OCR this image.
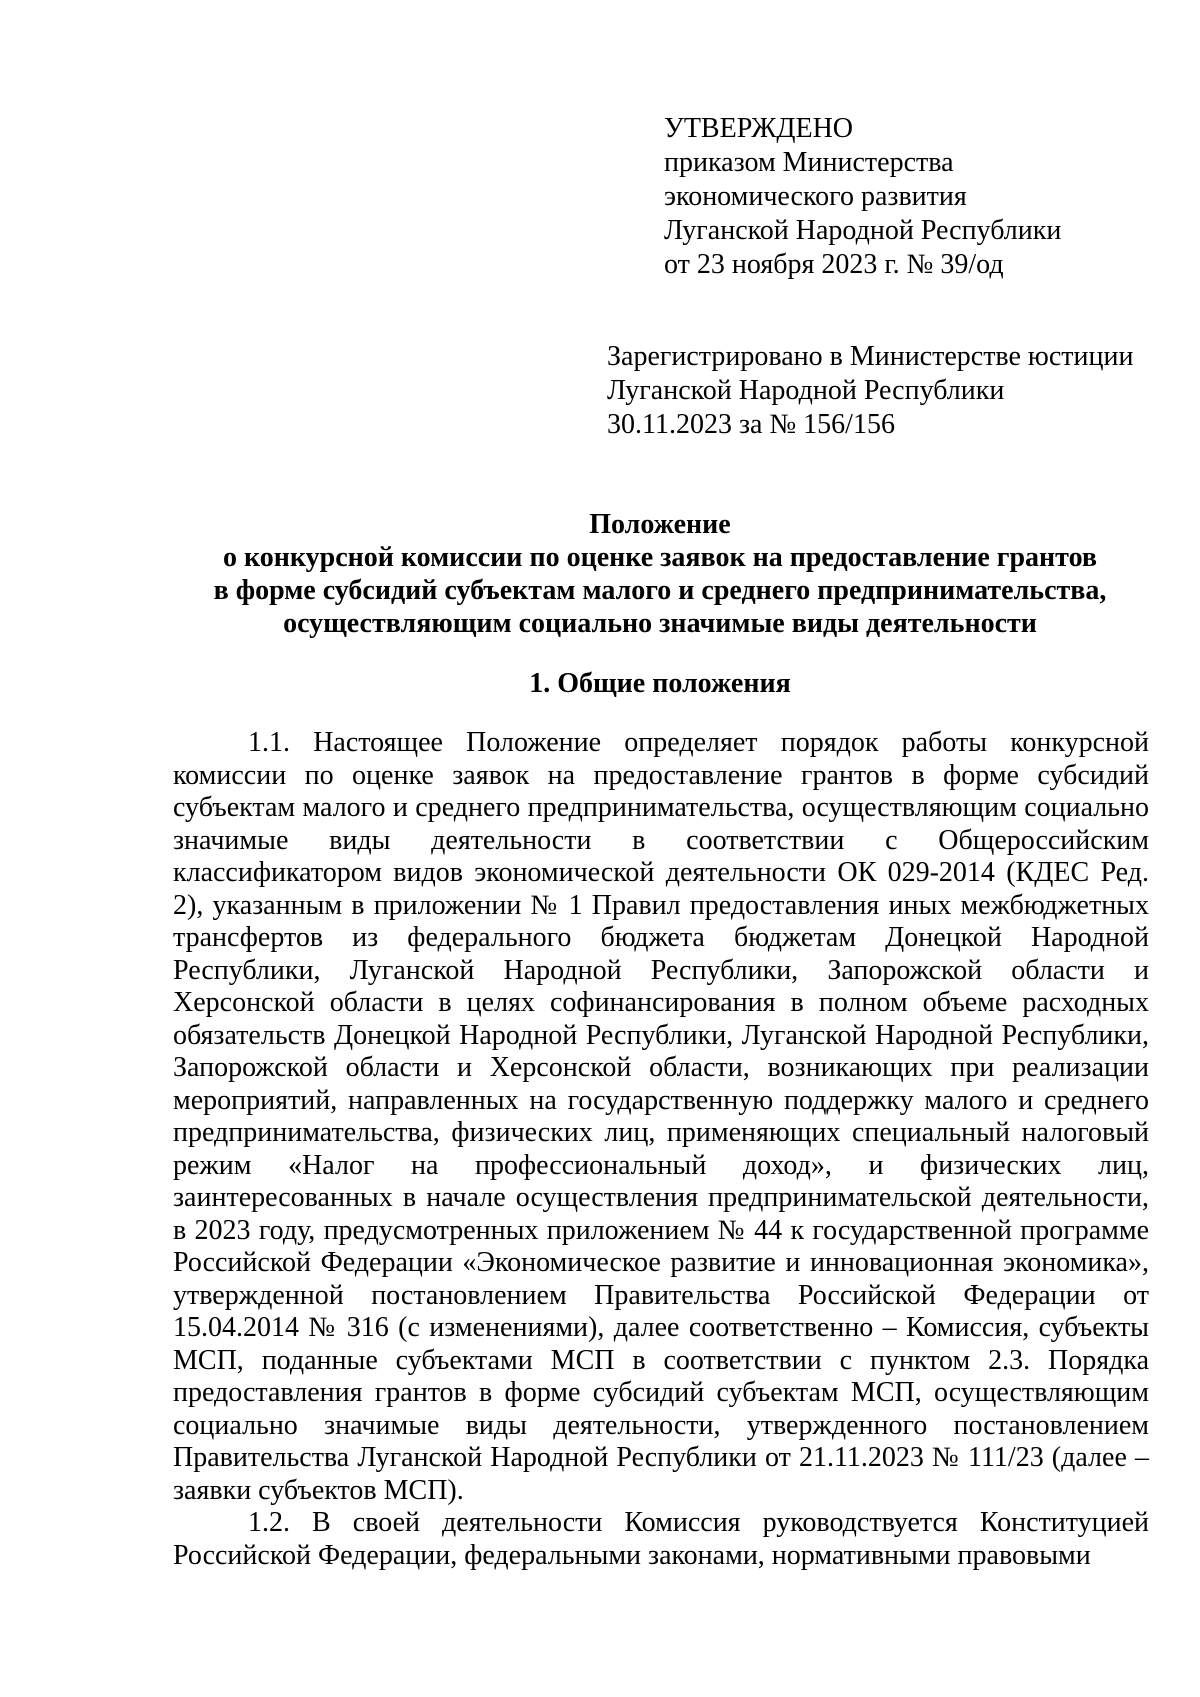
УТВЕРЖДЕНО
приказом Министерства
экономического развития
Луганской Народной Республики
от 23 ноября 2023 г. № 39/од
Зарегистрировано в Министерстве юстиции
Луганской Народной Республики
30.11.2023 за № 156/156
Положение
о конкурсной комиссии по оценке заявок на предоставление грантов
в форме субсидий субъектам малого и среднего предпринимательства,
осуществляющим социально значимые виды деятельности
1. Общие положения

1.1. Настоящее Положение определяет порядок работы конкурсной комиссии по оценке заявок на предоставление грантов в форме субсидий субъектам малого и среднего предпринимательства, осуществляющим социально значимые виды деятельности в соответствии с Общероссийским классификатором видов экономической деятельности ОК 029-2014 (КДЕС Ред. 2), указанным в приложении № 1 Правил предоставления иных межбюджетных трансфертов из федерального бюджета бюджетам Донецкой Народной Республики, Луганской Народной Республики, Запорожской области и Херсонской области в целях софинансирования в полном объеме расходных обязательств Донецкой Народной Республики, Луганской Народной Республики, Запорожской области и Херсонской области, возникающих при реализации мероприятий, направленных на государственную поддержку малого и среднего предпринимательства, физических лиц, применяющих специальный налоговый режим «Налог на профессиональный доход», и физических лиц, заинтересованных в начале осуществления предпринимательской деятельности, в 2023 году, предусмотренных приложением № 44 к государственной программе Российской Федерации «Экономическое развитие и инновационная экономика», утвержденной постановлением Правительства Российской Федерации от 15.04.2014 № 316 (с изменениями), далее соответственно – Комиссия, субъекты МСП, поданные субъектами МСП в соответствии с пунктом 2.3. Порядка предоставления грантов в форме субсидий субъектам МСП, осуществляющим социально значимые виды деятельности, утвержденного постановлением Правительства Луганской Народной Республики от 21.11.2023 № 111/23 (далее – заявки субъектов МСП).

1.2. В своей деятельности Комиссия руководствуется Конституцией Российской Федерации, федеральными законами, нормативными правовыми
